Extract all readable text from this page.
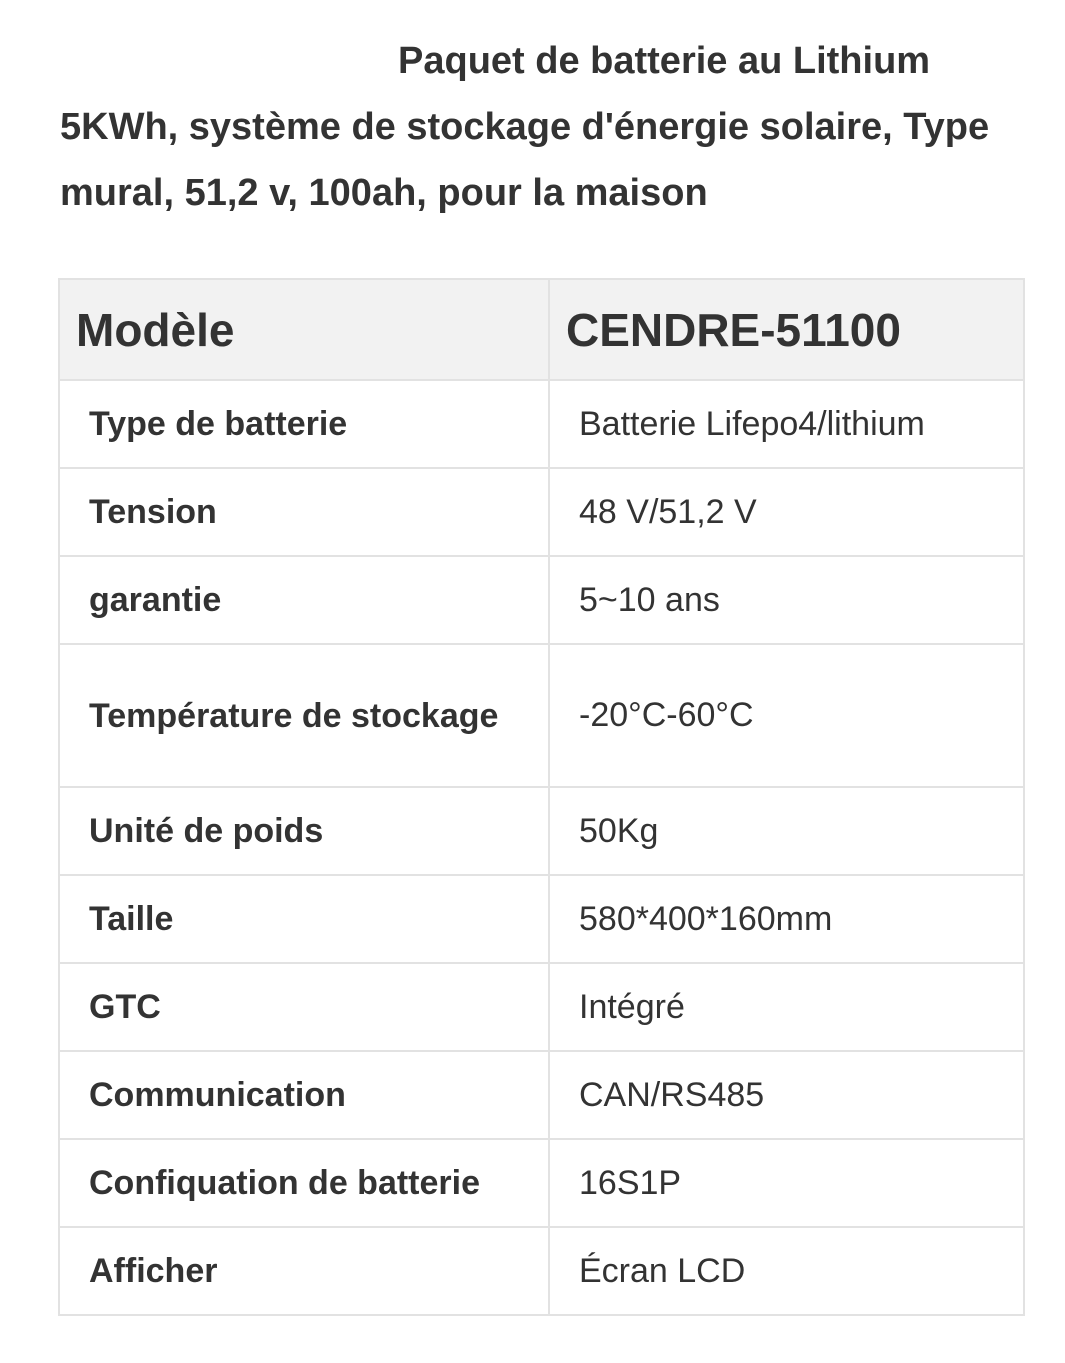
Paquet de batterie au Lithium 5KWh, système de stockage d'énergie solaire, Type mural, 51,2 v, 100ah, pour la maison
Modèle	CENDRE-51100
Type de batterie	Batterie Lifepo4/lithium
Tension	48 V/51,2 V
garantie	5~10 ans
Température de stockage	-20°C-60°C
Unité de poids	50Kg
Taille	580*400*160mm
GTC	Intégré
Communication	CAN/RS485
Confiquation de batterie	16S1P
Afficher	Écran LCD
